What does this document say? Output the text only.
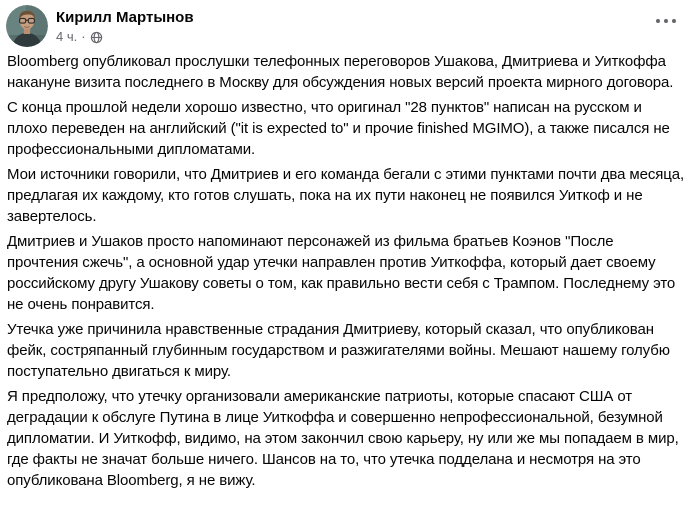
Кирилл Мартынов
4 ч. ·

Bloomberg опубликовал прослушки телефонных переговоров Ушакова, Дмитриева и Уиткоффа накануне визита последнего в Москву для обсуждения новых версий проекта мирного договора.

С конца прошлой недели хорошо известно, что оригинал "28 пунктов" написан на русском и плохо переведен на английский ("it is expected to" и прочие finished MGIMO), а также писался не профессиональными дипломатами.

Мои источники говорили, что Дмитриев и его команда бегали с этими пунктами почти два месяца, предлагая их каждому, кто готов слушать, пока на их пути наконец не появился Уиткоф и не завертелось.

Дмитриев и Ушаков просто напоминают персонажей из фильма братьев Коэнов "После прочтения сжечь", а основной удар утечки направлен против Уиткоффа, который дает своему российскому другу Ушакову советы о том, как правильно вести себя с Трампом. Последнему это не очень понравится.

Утечка уже причинила нравственные страдания Дмитриеву, который сказал, что опубликован фейк, состряпанный глубинным государством и разжигателями войны. Мешают нашему голубю поступательно двигаться к миру.

Я предположу, что утечку организовали американские патриоты, которые спасают США от деградации к обслуге Путина в лице Уиткоффа и совершенно непрофессиональной, безумной дипломатии. И Уиткофф, видимо, на этом закончил свою карьеру, ну или же мы попадаем в мир, где факты не значат больше ничего. Шансов на то, что утечка подделана и несмотря на это опубликована Bloomberg, я не вижу.
